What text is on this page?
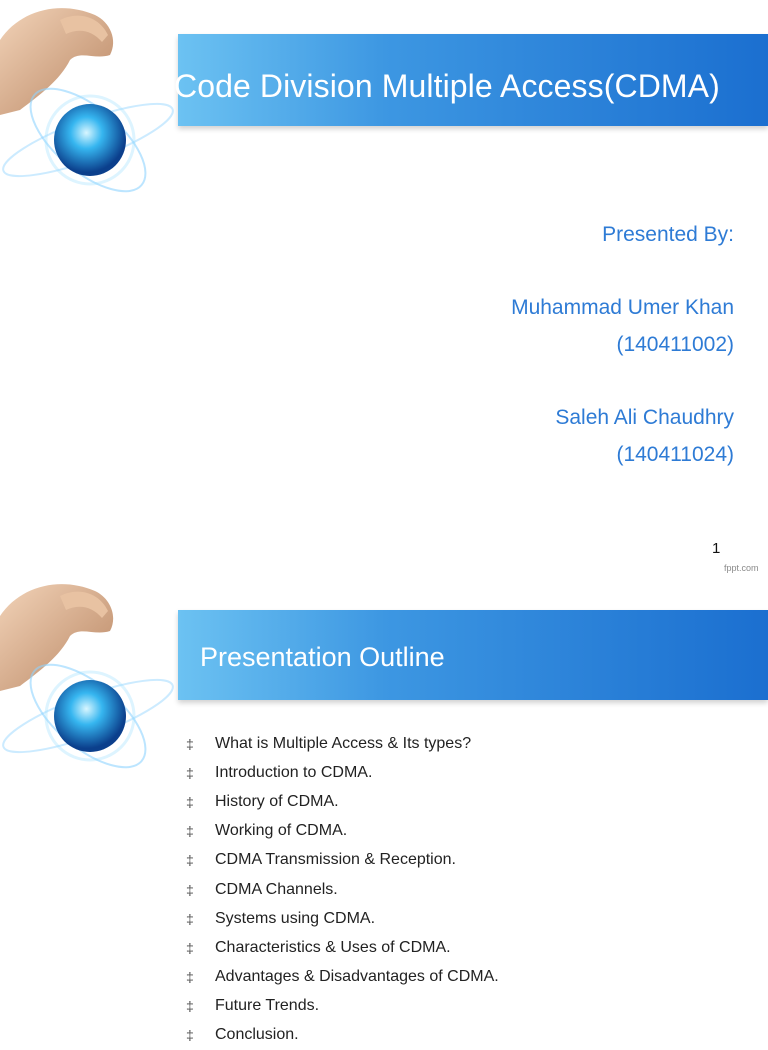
Code Division Multiple Access(CDMA)
Presented By:
Muhammad Umer Khan
(140411002)
Saleh Ali Chaudhry
(140411024)
1
fppt.com
Presentation Outline
‡	What is Multiple Access & Its types?
‡	Introduction to CDMA.
‡	History of CDMA.
‡	Working of CDMA.
‡	CDMA Transmission & Reception.
‡	CDMA Channels.
‡	Systems using CDMA.
‡	Characteristics & Uses of CDMA.
‡	Advantages & Disadvantages of CDMA.
‡	Future Trends.
‡	Conclusion.
